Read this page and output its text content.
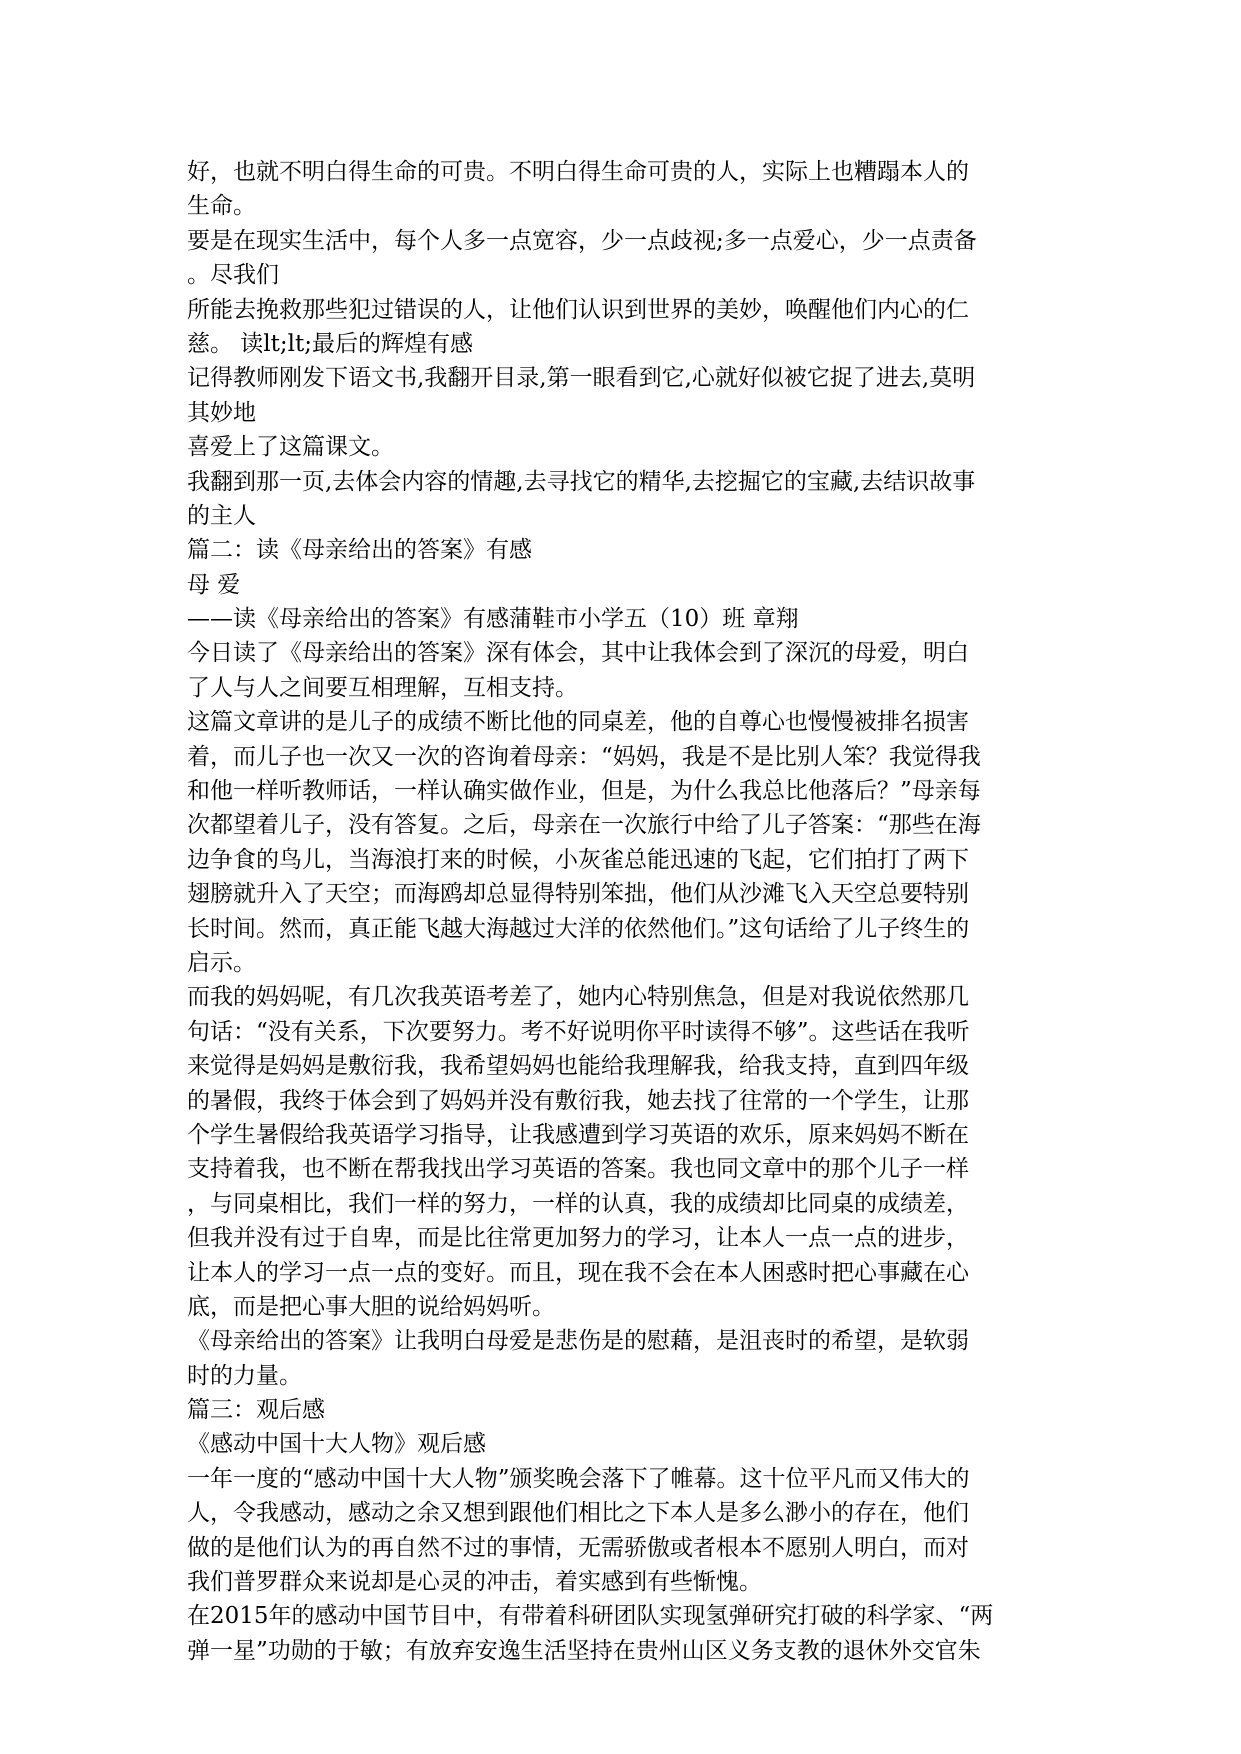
好，也就不明白得生命的可贵。不明白得生命可贵的人，实际上也糟蹋本人的
生命。
要是在现实生活中，每个人多一点宽容，少一点歧视;多一点爱心，少一点责备
。尽我们
所能去挽救那些犯过错误的人，让他们认识到世界的美妙，唤醒他们内心的仁
慈。 读lt;lt;最后的辉煌有感
记得教师刚发下语文书,我翻开目录,第一眼看到它,心就好似被它捉了进去,莫明
其妙地
喜爱上了这篇课文。
我翻到那一页,去体会内容的情趣,去寻找它的精华,去挖掘它的宝藏,去结识故事
的主人
篇二：读《母亲给出的答案》有感
母 爱
——读《母亲给出的答案》有感蒲鞋市小学五（10）班 章翔
今日读了《母亲给出的答案》深有体会，其中让我体会到了深沉的母爱，明白
了人与人之间要互相理解，互相支持。
这篇文章讲的是儿子的成绩不断比他的同桌差，他的自尊心也慢慢被排名损害
着，而儿子也一次又一次的咨询着母亲：“妈妈，我是不是比别人笨？我觉得我
和他一样听教师话，一样认确实做作业，但是，为什么我总比他落后？”母亲每
次都望着儿子，没有答复。之后，母亲在一次旅行中给了儿子答案：“那些在海
边争食的鸟儿，当海浪打来的时候，小灰雀总能迅速的飞起，它们拍打了两下
翅膀就升入了天空；而海鸥却总显得特别笨拙，他们从沙滩飞入天空总要特别
长时间。然而，真正能飞越大海越过大洋的依然他们。”这句话给了儿子终生的
启示。
而我的妈妈呢，有几次我英语考差了，她内心特别焦急，但是对我说依然那几
句话：“没有关系，下次要努力。考不好说明你平时读得不够”。这些话在我听
来觉得是妈妈是敷衍我，我希望妈妈也能给我理解我，给我支持，直到四年级
的暑假，我终于体会到了妈妈并没有敷衍我，她去找了往常的一个学生，让那
个学生暑假给我英语学习指导，让我感遭到学习英语的欢乐，原来妈妈不断在
支持着我，也不断在帮我找出学习英语的答案。我也同文章中的那个儿子一样
，与同桌相比，我们一样的努力，一样的认真，我的成绩却比同桌的成绩差，
但我并没有过于自卑，而是比往常更加努力的学习，让本人一点一点的进步，
让本人的学习一点一点的变好。而且，现在我不会在本人困惑时把心事藏在心
底，而是把心事大胆的说给妈妈听。
《母亲给出的答案》让我明白母爱是悲伤是的慰藉，是沮丧时的希望，是软弱
时的力量。
篇三：观后感
《感动中国十大人物》观后感
一年一度的“感动中国十大人物”颁奖晚会落下了帷幕。这十位平凡而又伟大的
人，令我感动，感动之余又想到跟他们相比之下本人是多么渺小的存在，他们
做的是他们认为的再自然不过的事情，无需骄傲或者根本不愿别人明白，而对
我们普罗群众来说却是心灵的冲击，着实感到有些惭愧。
在2015年的感动中国节目中，有带着科研团队实现氢弹研究打破的科学家、“两
弹一星”功勋的于敏；有放弃安逸生活坚持在贵州山区义务支教的退休外交官朱
